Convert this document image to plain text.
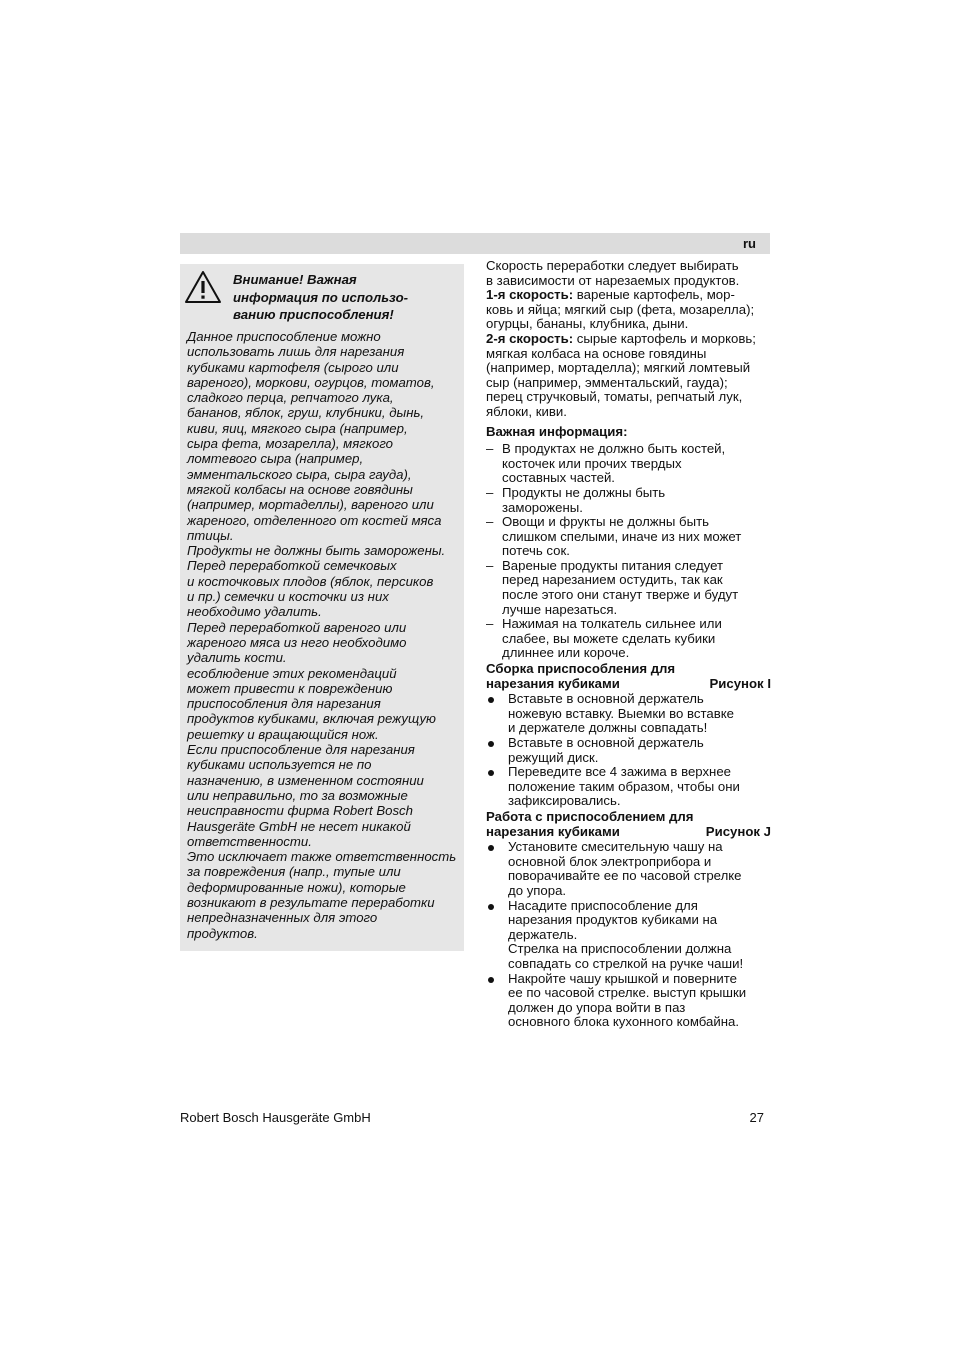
ru
Внимание! Важная
информация по использо-
ванию приспособления!

Данное приспособление можно
использовать лишь для нарезания
кубиками картофеля (сырого или
вареного), моркови, огурцов, томатов,
сладкого перца, репчатого лука,
бананов, яблок, груш, клубники, дынь,
киви, яиц, мягкого сыра (например,
сыра фета, мозарелла), мягкого
ломтевого сыра (например,
эмментальского сыра, сыра гауда),
мягкой колбасы на основе говядины
(например, мортаделлы), вареного или
жареного, отделенного от костей мяса
птицы.

Продукты не должны быть заморожены.

Перед переработкой семечковых
и косточковых плодов (яблок, персиков
и пр.) семечки и косточки из них
необходимо удалить.

Перед переработкой вареного или
жареного мяса из него необходимо
удалить кости.

есоблюдение этих рекомендаций
может привести к повреждению
приспособления для нарезания
продуктов кубиками, включая режущую
решетку и вращающийся нож.

Если приспособление для нарезания
кубиками используется не по
назначению, в измененном состоянии
или неправильно, то за возможные
неисправности фирма Robert Bosch
Hausgeräte GmbH не несет никакой
ответственности.

Это исключает также ответственность
за повреждения (напр., тупые или
деформированные ножи), которые
возникают в результате переработки
непредназначенных для этого
продуктов.

Скорость переработки следует выбирать
в зависимости от нарезаемых продуктов.

1-я скорость: вареные картофель, мор-
ковь и яйца; мягкий сыр (фета, мозарелла);
огурцы, бананы, клубника, дыни.

2-я скорость: сырые картофель и морковь;
мягкая колбаса на основе говядины
(например, мортаделла); мягкий ломтевый
сыр (например, эмментальский, гауда);
перец стручковый, томаты, репчатый лук,
яблоки, киви.

Важная информация:

– В продуктах не должно быть костей,
косточек или прочих твердых
составных частей.
– Продукты не должны быть
заморожены.
– Овощи и фрукты не должны быть
слишком спелыми, иначе из них может
потечь сок.
– Вареные продукты питания следует
перед нарезанием остудить, так как
после этого они станут тверже и будут
лучше нарезаться.
– Нажимая на толкатель сильнее или
слабее, вы можете сделать кубики
длиннее или короче.
Сборка приспособления для
нарезания кубиками	Рисунок I
Вставьте в основной держатель
ножевую вставку. Выемки во вставке
и держателе должны совпадать!
Вставьте в основной держатель
режущий диск.
Переведите все 4 зажима в верхнее
положение таким образом, чтобы они
зафиксировались.
Работа с приспособлением для
нарезания кубиками	Рисунок J
Установите смесительную чашу на
основной блок электроприбора и
поворачивайте ее по часовой стрелке
до упора.
Насадите приспособление для
нарезания продуктов кубиками на
держатель.
Стрелка на приспособлении должна
совпадать со стрелкой на ручке чаши!
Накройте чашу крышкой и поверните
ее по часовой стрелке. выступ крышки
должен до упора войти в паз
основного блока кухонного комбайна.
Robert Bosch Hausgeräte GmbH	27
